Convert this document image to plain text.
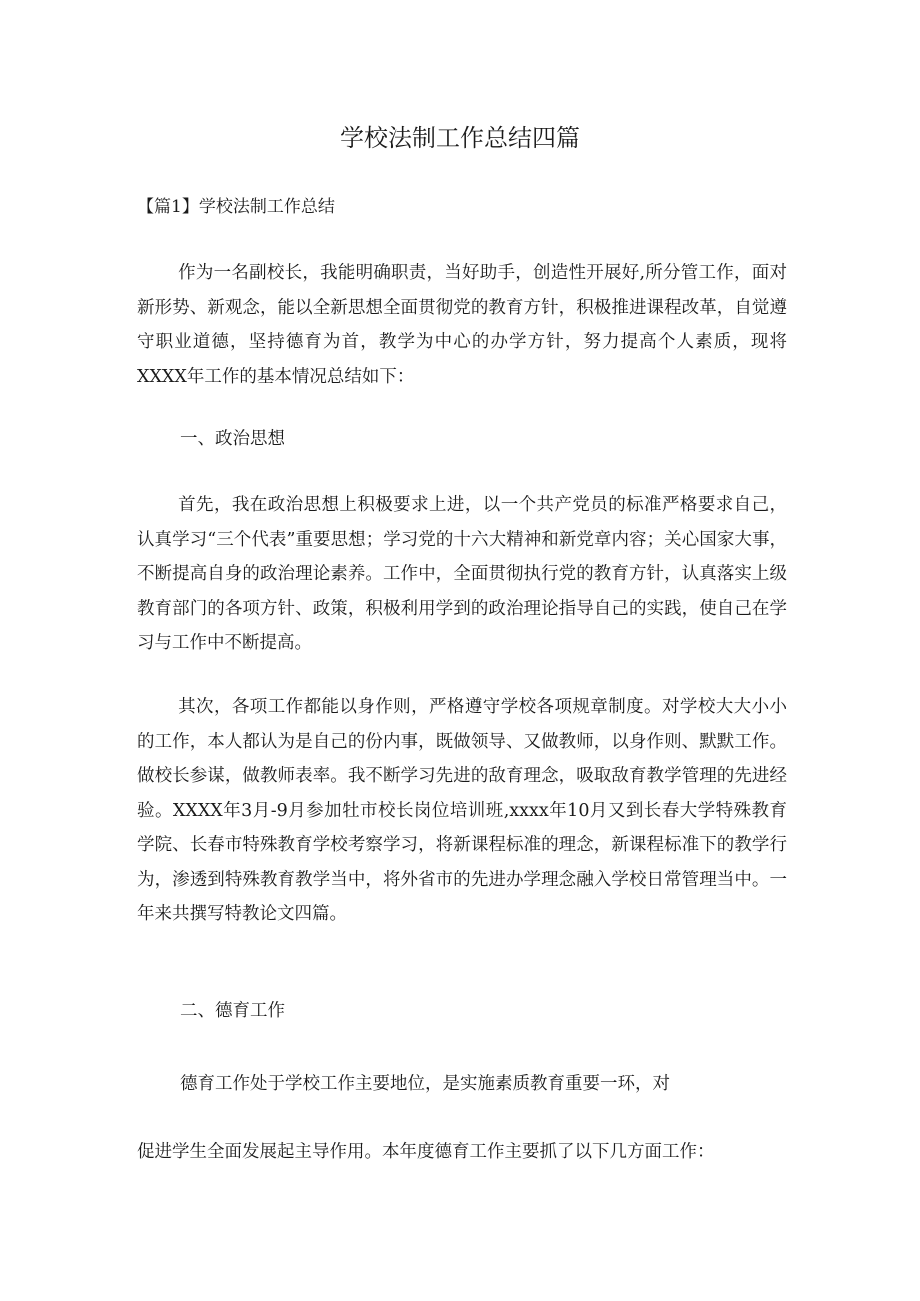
学校法制工作总结四篇

【篇1】学校法制工作总结

作为一名副校长，我能明确职责，当好助手，创造性开展好,所分管工作，面对新形势、新观念，能以全新思想全面贯彻党的教育方针，积极推进课程改革，自觉遵守职业道德，坚持德育为首，教学为中心的办学方针，努力提高个人素质，现将XXXX年工作的基本情况总结如下：

一、政治思想

首先，我在政治思想上积极要求上进，以一个共产党员的标准严格要求自己，认真学习“三个代表”重要思想；学习党的十六大精神和新党章内容；关心国家大事，不断提高自身的政治理论素养。工作中，全面贯彻执行党的教育方针，认真落实上级教育部门的各项方针、政策，积极利用学到的政治理论指导自己的实践，使自己在学习与工作中不断提高。

其次，各项工作都能以身作则，严格遵守学校各项规章制度。对学校大大小小的工作，本人都认为是自己的份内事，既做领导、又做教师，以身作则、默默工作。做校长参谋，做教师表率。我不断学习先进的敌育理念，吸取敌育教学管理的先进经验。XXXX年3月-9月参加牡市校长岗位培训班,xxxx年10月又到长春大学特殊教育学院、长春市特殊教育学校考察学习，将新课程标准的理念，新课程标准下的教学行为，渗透到特殊教育教学当中，将外省市的先进办学理念融入学校日常管理当中。一年来共撰写特教论文四篇。

二、德育工作

德育工作处于学校工作主要地位，是实施素质教育重要一环，对

促进学生全面发展起主导作用。本年度德育工作主要抓了以下几方面工作：
